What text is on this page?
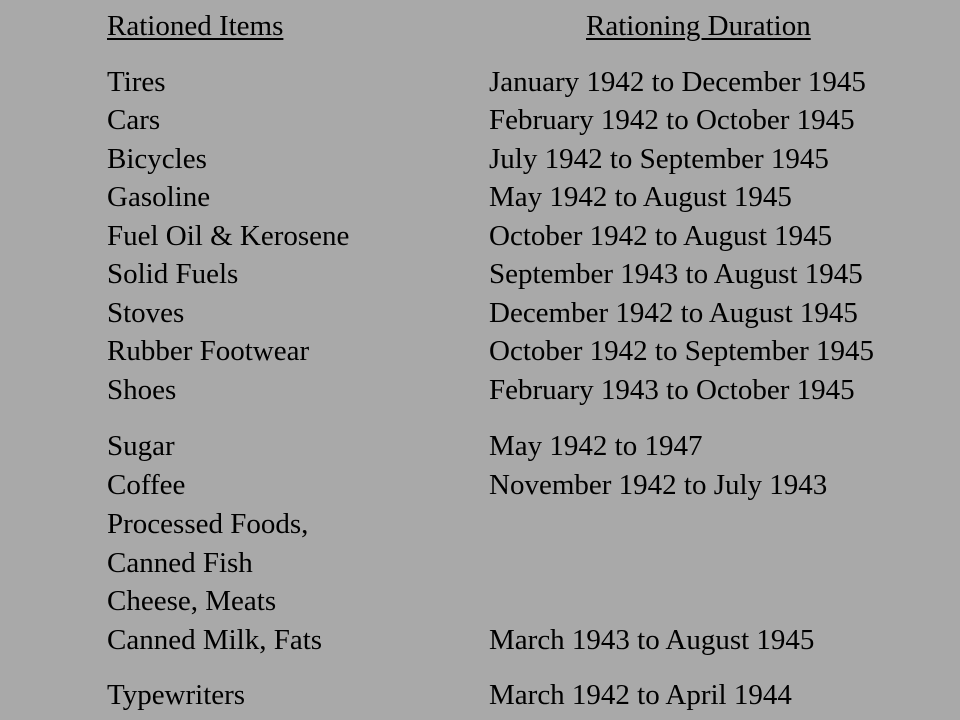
Rationed Items	Rationing Duration
Tires	January 1942 to December 1945
Cars	February 1942 to October 1945
Bicycles	July 1942 to September 1945
Gasoline	May 1942 to August 1945
Fuel Oil & Kerosene	October 1942 to August 1945
Solid Fuels	September 1943 to August 1945
Stoves	December 1942 to August 1945
Rubber Footwear	October 1942 to September 1945
Shoes	February 1943 to October 1945
Sugar	May 1942 to 1947
Coffee	November 1942 to July 1943
Processed Foods,
Canned Fish
Cheese, Meats
Canned Milk, Fats	March 1943 to August 1945
Typewriters	March 1942 to April 1944
